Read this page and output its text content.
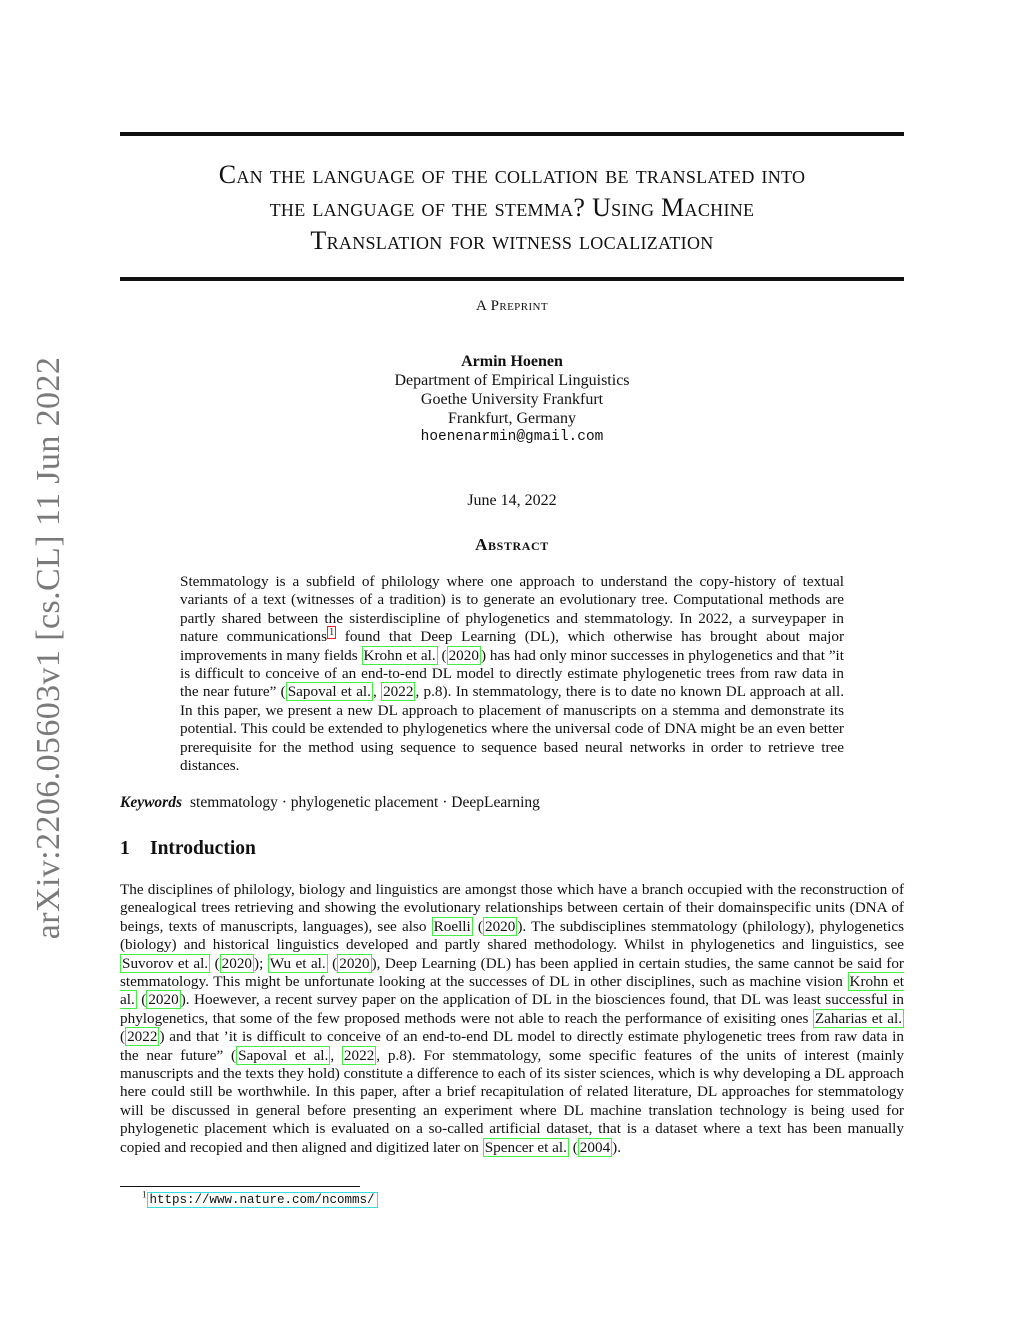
Can the language of the collation be translated into
the language of the stemma? Using Machine
Translation for witness localization
A Preprint
Armin Hoenen
Department of Empirical Linguistics
Goethe University Frankfurt
Frankfurt, Germany
hoenenarmin@gmail.com
June 14, 2022
Abstract

Stemmatology is a subfield of philology where one approach to understand the copy-history of textual variants of a text (witnesses of a tradition) is to generate an evolutionary tree. Computational methods are partly shared between the sisterdiscipline of phylogenetics and stemmatology. In 2022, a surveypaper in nature communications $^1$ found that Deep Learning (DL), which otherwise has brought about major improvements in many fields Krohn et al. ( 2020 ) has had only minor successes in phylogenetics and that ”it is difficult to conceive of an end-to-end DL model to directly estimate phylogenetic trees from raw data in the near future” ( Sapoval et al. , 2022 , p.8). In stemmatology, there is to date no known DL approach at all. In this paper, we present a new DL approach to placement of manuscripts on a stemma and demonstrate its potential. This could be extended to phylogenetics where the universal code of DNA might be an even better prerequisite for the method using sequence to sequence based neural networks in order to retrieve tree distances.

Keywords stemmatology · phylogenetic placement · DeepLearning

1 Introduction

The disciplines of philology, biology and linguistics are amongst those which have a branch occupied with the reconstruction of genealogical trees retrieving and showing the evolutionary relationships between certain of their domainspecific units (DNA of beings, texts of manuscripts, languages), see also Roelli ( 2020 ). The subdisciplines stemmatology (philology), phylogenetics (biology) and historical linguistics developed and partly shared methodology. Whilst in phylogenetics and linguistics, see Suvorov et al. ( 2020 ); Wu et al. ( 2020 ), Deep Learning (DL) has been applied in certain studies, the same cannot be said for stemmatology. This might be unfortunate looking at the successes of DL in other disciplines, such as machine vision Krohn et al. ( 2020 ). Hoewever, a recent survey paper on the application of DL in the biosciences found, that DL was least successful in phylogenetics, that some of the few proposed methods were not able to reach the performance of exisiting ones Zaharias et al. ( 2022 ) and that ’it is difficult to conceive of an end-to-end DL model to directly estimate phylogenetic trees from raw data in the near future” ( Sapoval et al. , 2022 , p.8). For stemmatology, some specific features of the units of interest (mainly manuscripts and the texts they hold) constitute a difference to each of its sister sciences, which is why developing a DL approach here could still be worthwhile. In this paper, after a brief recapitulation of related literature, DL approaches for stemmatology will be discussed in general before presenting an experiment where DL machine translation technology is being used for phylogenetic placement which is evaluated on a so-called artificial dataset, that is a dataset where a text has been manually copied and recopied and then aligned and digitized later on Spencer et al. ( 2004 ).

$^1$ https://www.nature.com/ncomms/
arXiv:2206.05603v1 [cs.CL] 11 Jun 2022
